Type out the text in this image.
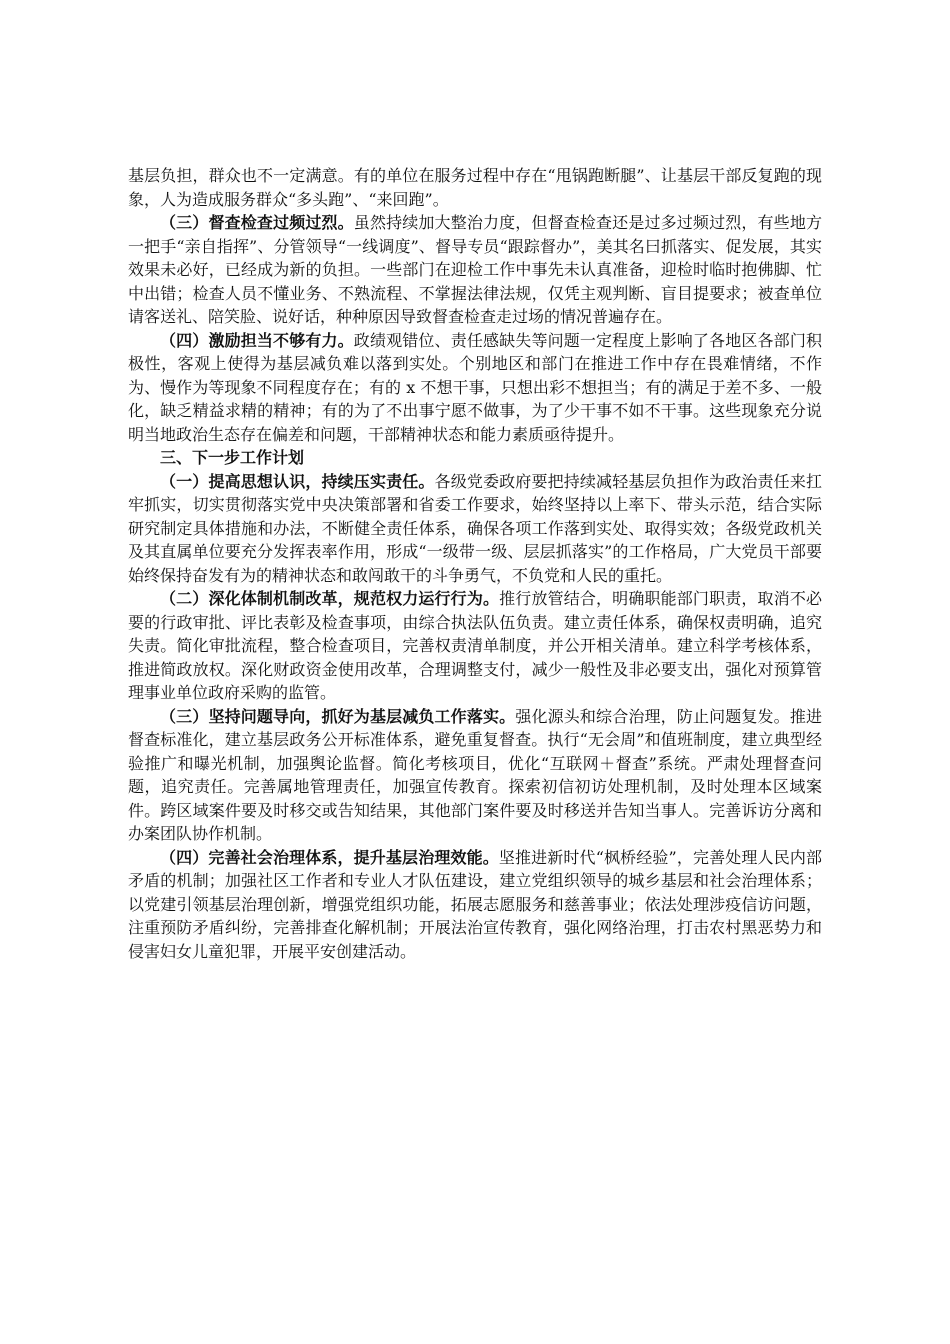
基层负担，群众也不一定满意。有的单位在服务过程中存在“甩锅跑断腿”、让基层干部反复跑的现象，人为造成服务群众“多头跑”、“来回跑”。

（三）督查检查过频过烈。虽然持续加大整治力度，但督查检查还是过多过频过烈，有些地方一把手“亲自指挥”、分管领导“一线调度”、督导专员“跟踪督办”，美其名曰抓落实、促发展，其实效果未必好，已经成为新的负担。一些部门在迎检工作中事先未认真准备，迎检时临时抱佛脚、忙中出错；检查人员不懂业务、不熟流程、不掌握法律法规，仅凭主观判断、盲目提要求；被查单位请客送礼、陪笑脸、说好话，种种原因导致督查检查走过场的情况普遍存在。

（四）激励担当不够有力。政绩观错位、责任感缺失等问题一定程度上影响了各地区各部门积极性，客观上使得为基层减负难以落到实处。个别地区和部门在推进工作中存在畏难情绪，不作为、慢作为等现象不同程度存在；有的 x 不想干事，只想出彩不想担当；有的满足于差不多、一般化，缺乏精益求精的精神；有的为了不出事宁愿不做事，为了少干事不如不干事。这些现象充分说明当地政治生态存在偏差和问题，干部精神状态和能力素质亟待提升。

三、下一步工作计划

（一）提高思想认识，持续压实责任。各级党委政府要把持续减轻基层负担作为政治责任来扛牢抓实，切实贯彻落实党中央决策部署和省委工作要求，始终坚持以上率下、带头示范，结合实际研究制定具体措施和办法，不断健全责任体系，确保各项工作落到实处、取得实效；各级党政机关及其直属单位要充分发挥表率作用，形成“一级带一级、层层抓落实”的工作格局，广大党员干部要始终保持奋发有为的精神状态和敢闯敢干的斗争勇气，不负党和人民的重托。

（二）深化体制机制改革，规范权力运行行为。推行放管结合，明确职能部门职责，取消不必要的行政审批、评比表彰及检查事项，由综合执法队伍负责。建立责任体系，确保权责明确，追究失责。简化审批流程，整合检查项目，完善权责清单制度，并公开相关清单。建立科学考核体系，推进简政放权。深化财政资金使用改革，合理调整支付，减少一般性及非必要支出，强化对预算管理事业单位政府采购的监管。

（三）坚持问题导向，抓好为基层减负工作落实。强化源头和综合治理，防止问题复发。推进督查标准化，建立基层政务公开标准体系，避免重复督查。执行“无会周”和值班制度，建立典型经验推广和曝光机制，加强舆论监督。简化考核项目，优化“互联网＋督查”系统。严肃处理督查问题，追究责任。完善属地管理责任，加强宣传教育。探索初信初访处理机制，及时处理本区域案件。跨区域案件要及时移交或告知结果，其他部门案件要及时移送并告知当事人。完善诉访分离和办案团队协作机制。

（四）完善社会治理体系，提升基层治理效能。坚推进新时代“枫桥经验”，完善处理人民内部矛盾的机制；加强社区工作者和专业人才队伍建设，建立党组织领导的城乡基层和社会治理体系；以党建引领基层治理创新，增强党组织功能，拓展志愿服务和慈善事业；依法处理涉疫信访问题，注重预防矛盾纠纷，完善排查化解机制；开展法治宣传教育，强化网络治理，打击农村黑恶势力和侵害妇女儿童犯罪，开展平安创建活动。
